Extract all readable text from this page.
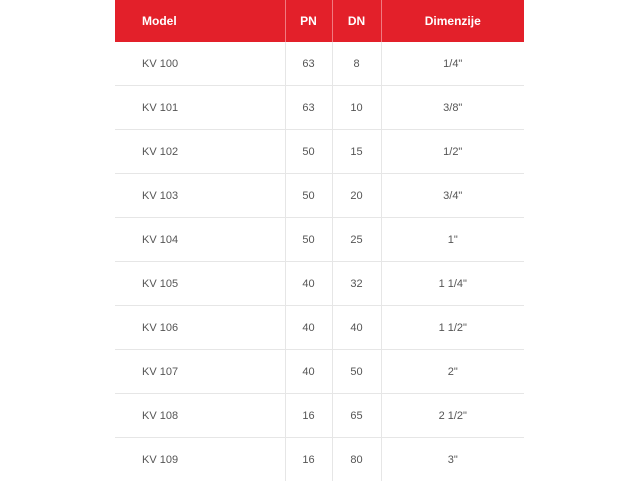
Model	PN	DN	Dimenzije
KV 100	63	8	1/4"
KV 101	63	10	3/8"
KV 102	50	15	1/2"
KV 103	50	20	3/4"
KV 104	50	25	1"
KV 105	40	32	1 1/4"
KV 106	40	40	1 1/2"
KV 107	40	50	2"
KV 108	16	65	2 1/2"
KV 109	16	80	3"
